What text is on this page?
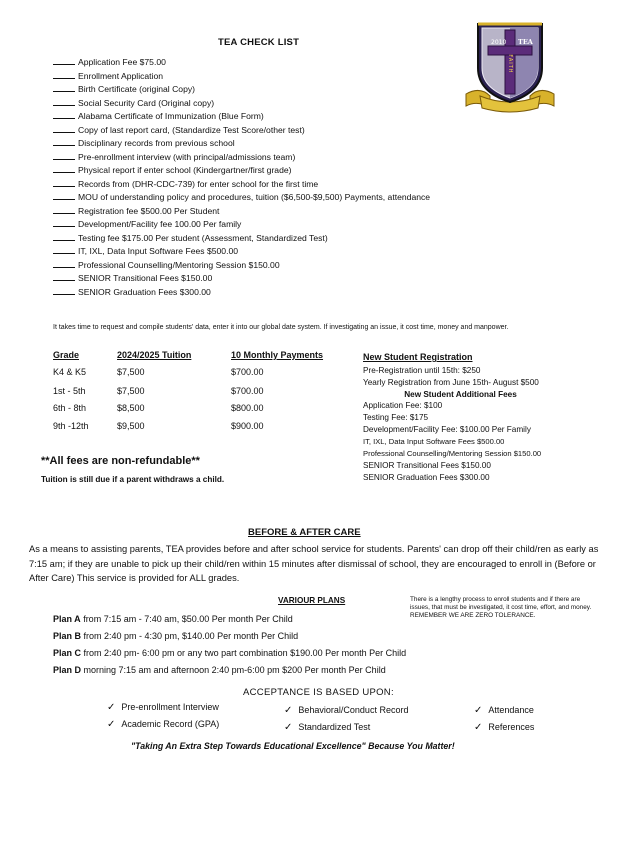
TEA CHECK LIST	2010 TEA
FAITH
Application Fee $75.00
Enrollment Application
Birth Certificate (original Copy)
Social Security Card (Original copy)
Alabama Certificate of Immunization (Blue Form)
Copy of last report card, (Standardize Test Score/other test)
Disciplinary records from previous school
Pre-enrollment interview (with principal/admissions team)
Physical report if enter school (Kindergartner/first grade)
Records from (DHR-CDC-739) for enter school for the first time
MOU of understanding policy and procedures, tuition ($6,500-$9,500) Payments, attendance
Registration fee $500.00 Per Student
Development/Facility fee 100.00 Per family
Testing fee $175.00 Per student (Assessment, Standardized Test)
IT, IXL, Data Input Software Fees $500.00
Professional Counselling/Mentoring Session $150.00
SENIOR Transitional Fees $150.00
SENIOR Graduation Fees $300.00
It takes time to request and compile students' data, enter it into our global date system. If investigating an issue, it cost time, money and manpower.
Grade	2024/2025 Tuition	10 Monthly Payments
K4 & K5	$7,500	$700.00
1st - 5th	$7,500	$700.00
6th - 8th	$8,500	$800.00
9th -12th	$9,500	$900.00
New Student Registration
Pre-Registration until 15th: $250
Yearly Registration from June 15th- August $500
New Student Additional Fees
Application Fee: $100
Testing Fee: $175
Development/Facility Fee: $100.00 Per Family
IT, IXL, Data Input Software Fees $500.00
Professional Counselling/Mentoring Session $150.00
SENIOR Transitional Fees $150.00
SENIOR Graduation Fees $300.00
**All fees are non-refundable**
Tuition is still due if a parent withdraws a child.
BEFORE & AFTER CARE
As a means to assisting parents, TEA provides before and after school service for students. Parents' can drop off their child/ren as early as 7:15 am; if they are unable to pick up their child/ren within 15 minutes after dismissal of school, they are encouraged to enroll in (Before or After Care) This service is provided for ALL grades.
VARIOUR PLANS	There is a lengthy process to enroll students and if there are issues, that must be investigated, it cost time, effort, and money. REMEMBER WE ARE ZERO TOLERANCE.
Plan A from 7:15 am - 7:40 am, $50.00 Per month Per Child
Plan B from 2:40 pm - 4:30 pm, $140.00 Per month Per Child
Plan C from 2:40 pm- 6:00 pm or any two part combination $190.00 Per month Per Child
Plan D morning 7:15 am and afternoon 2:40 pm-6:00 pm $200 Per month Per Child
ACCEPTANCE IS BASED UPON:
✓ Pre-enrollment Interview
✓ Academic Record (GPA)
✓ Behavioral/Conduct Record
✓ Standardized Test
✓ Attendance
✓ References
"Taking An Extra Step Towards Educational Excellence" Because You Matter!
